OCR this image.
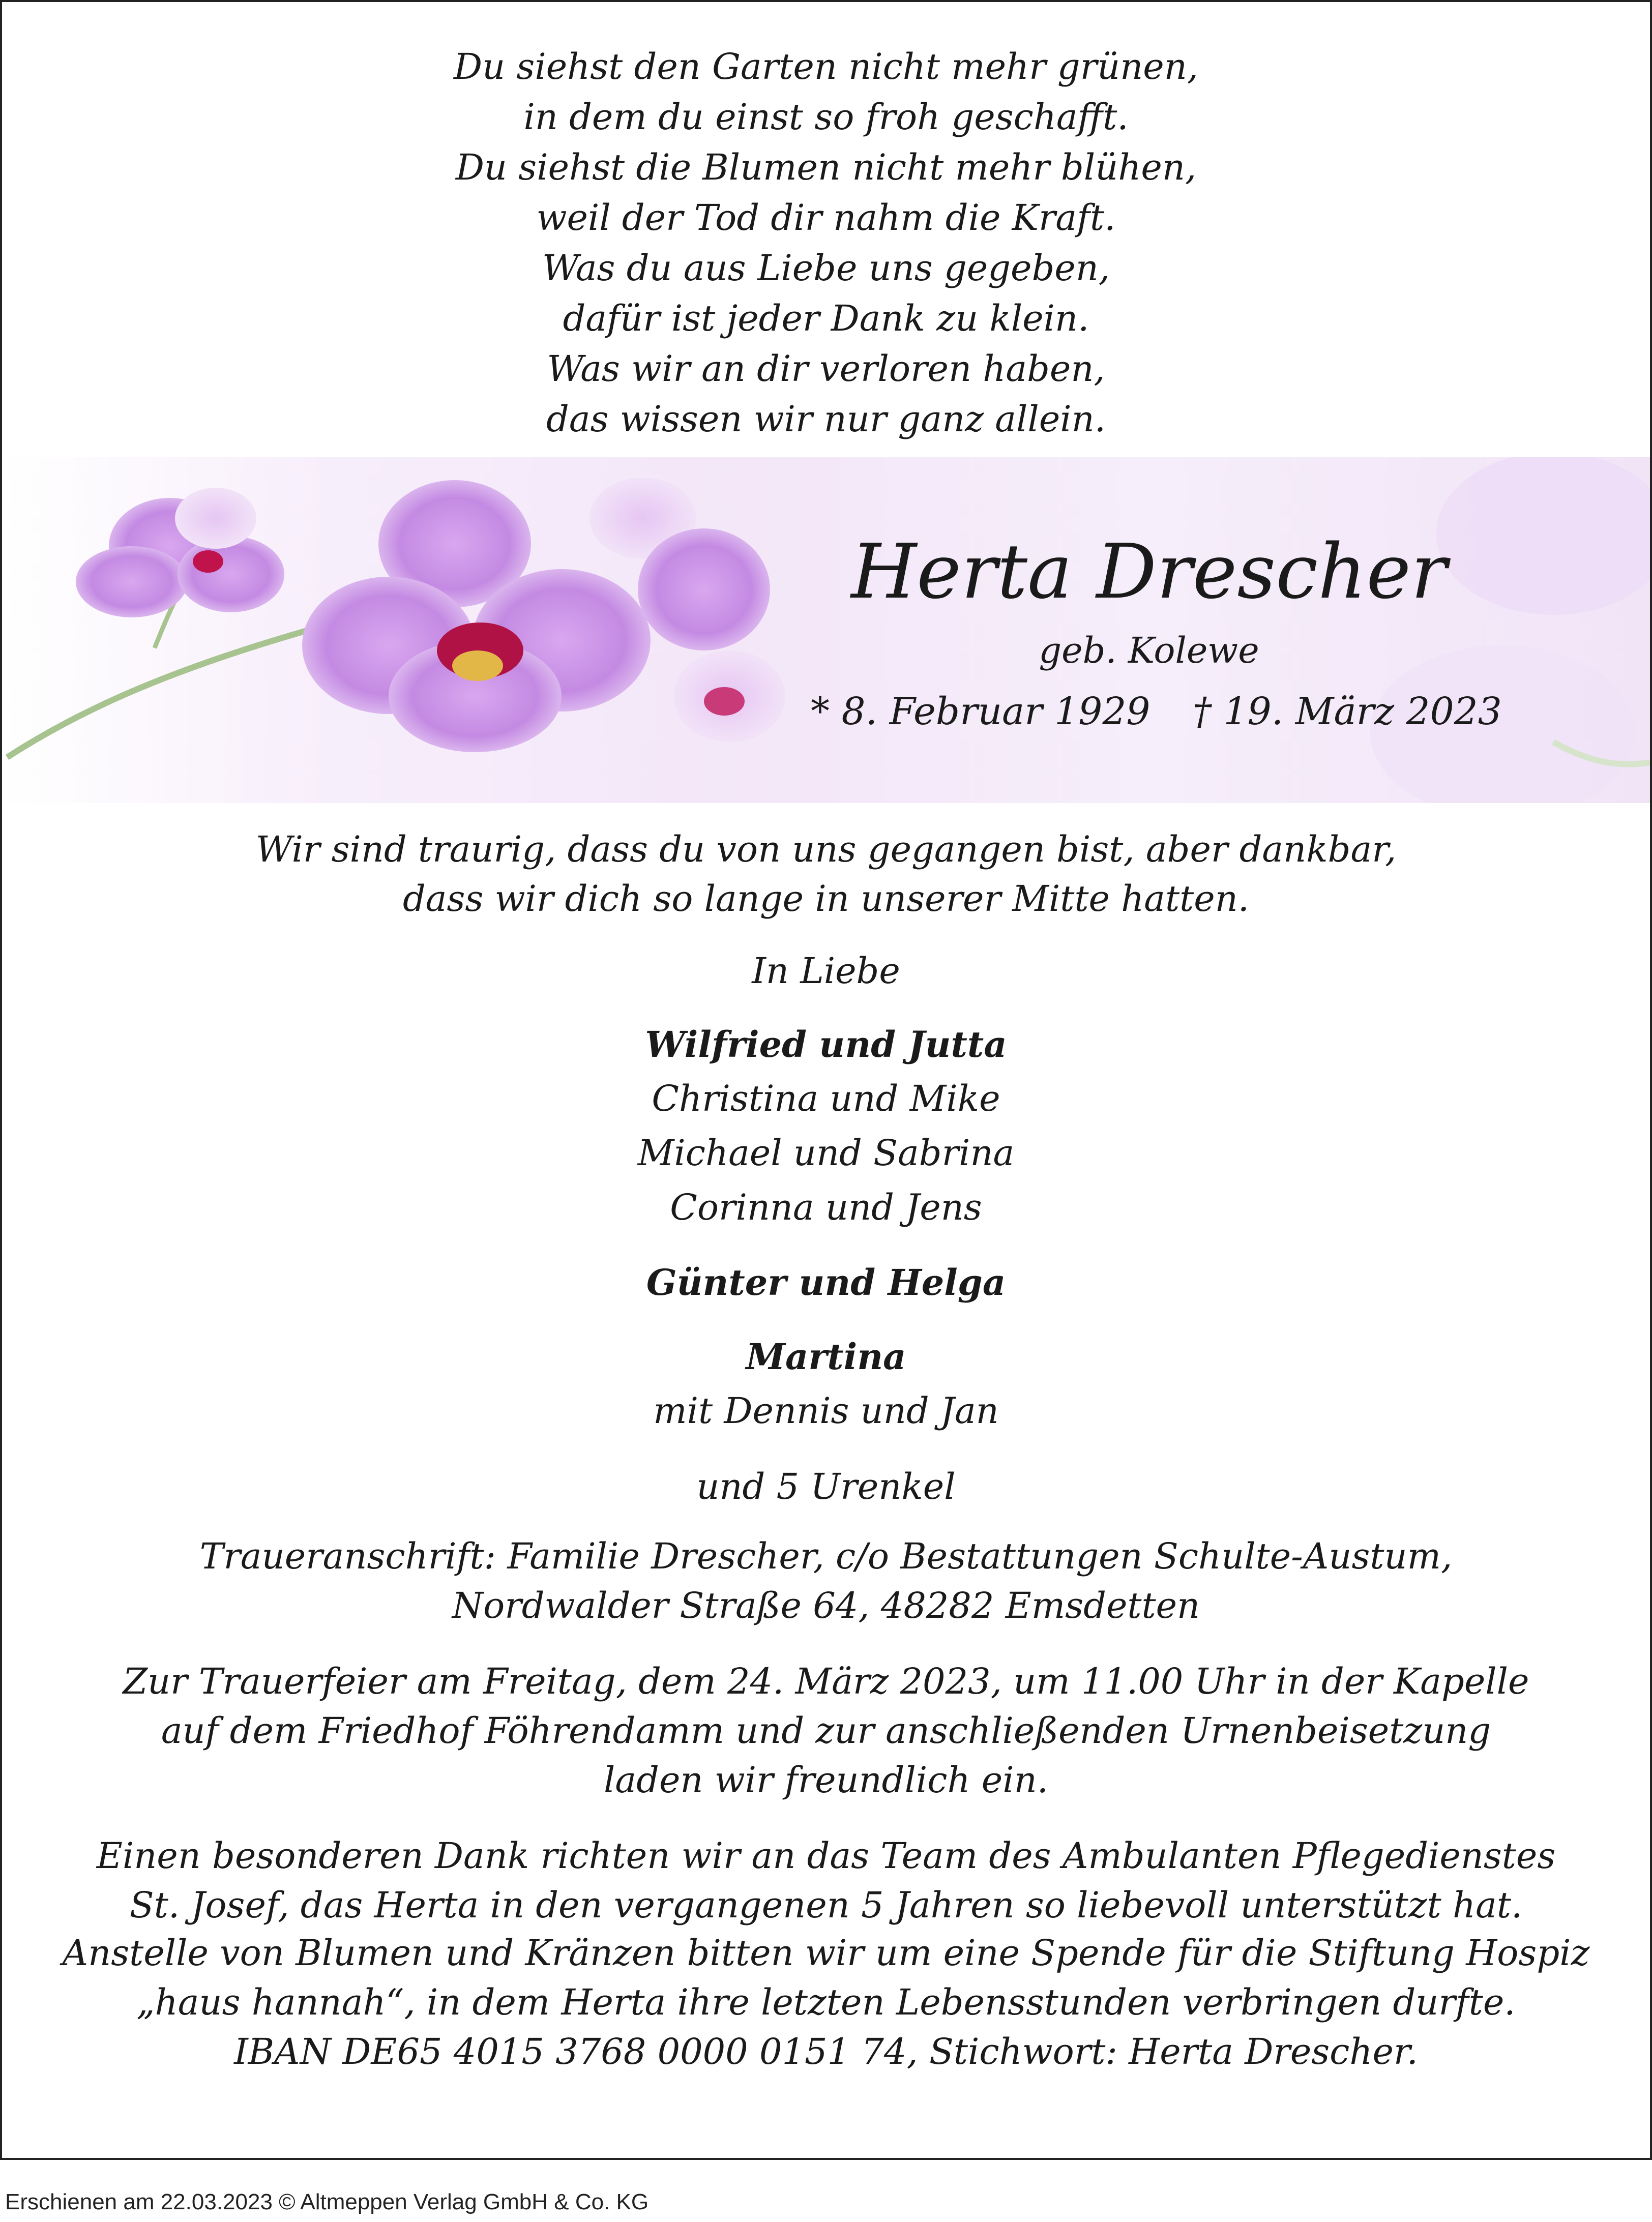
Du siehst den Garten nicht mehr grünen,
in dem du einst so froh geschafft.
Du siehst die Blumen nicht mehr blühen,
weil der Tod dir nahm die Kraft.
Was du aus Liebe uns gegeben,
dafür ist jeder Dank zu klein.
Was wir an dir verloren haben,
das wissen wir nur ganz allein.
Herta Drescher
geb. Kolewe
* 8. Februar 1929 † 19. März 2023
Wir sind traurig, dass du von uns gegangen bist, aber dankbar,
dass wir dich so lange in unserer Mitte hatten.
In Liebe
Wilfried und Jutta
Christina und Mike
Michael und Sabrina
Corinna und Jens
Günter und Helga
Martina
mit Dennis und Jan
und 5 Urenkel
Traueranschrift: Familie Drescher, c/o Bestattungen Schulte-Austum,
Nordwalder Straße 64, 48282 Emsdetten
Zur Trauerfeier am Freitag, dem 24. März 2023, um 11.00 Uhr in der Kapelle
auf dem Friedhof Föhrendamm und zur anschließenden Urnenbeisetzung
laden wir freundlich ein.
Einen besonderen Dank richten wir an das Team des Ambulanten Pflegedienstes
St. Josef, das Herta in den vergangenen 5 Jahren so liebevoll unterstützt hat.
Anstelle von Blumen und Kränzen bitten wir um eine Spende für die Stiftung Hospiz
„haus hannah“, in dem Herta ihre letzten Lebensstunden verbringen durfte.
IBAN DE65 4015 3768 0000 0151 74, Stichwort: Herta Drescher.
Erschienen am 22.03.2023 © Altmeppen Verlag GmbH & Co. KG
